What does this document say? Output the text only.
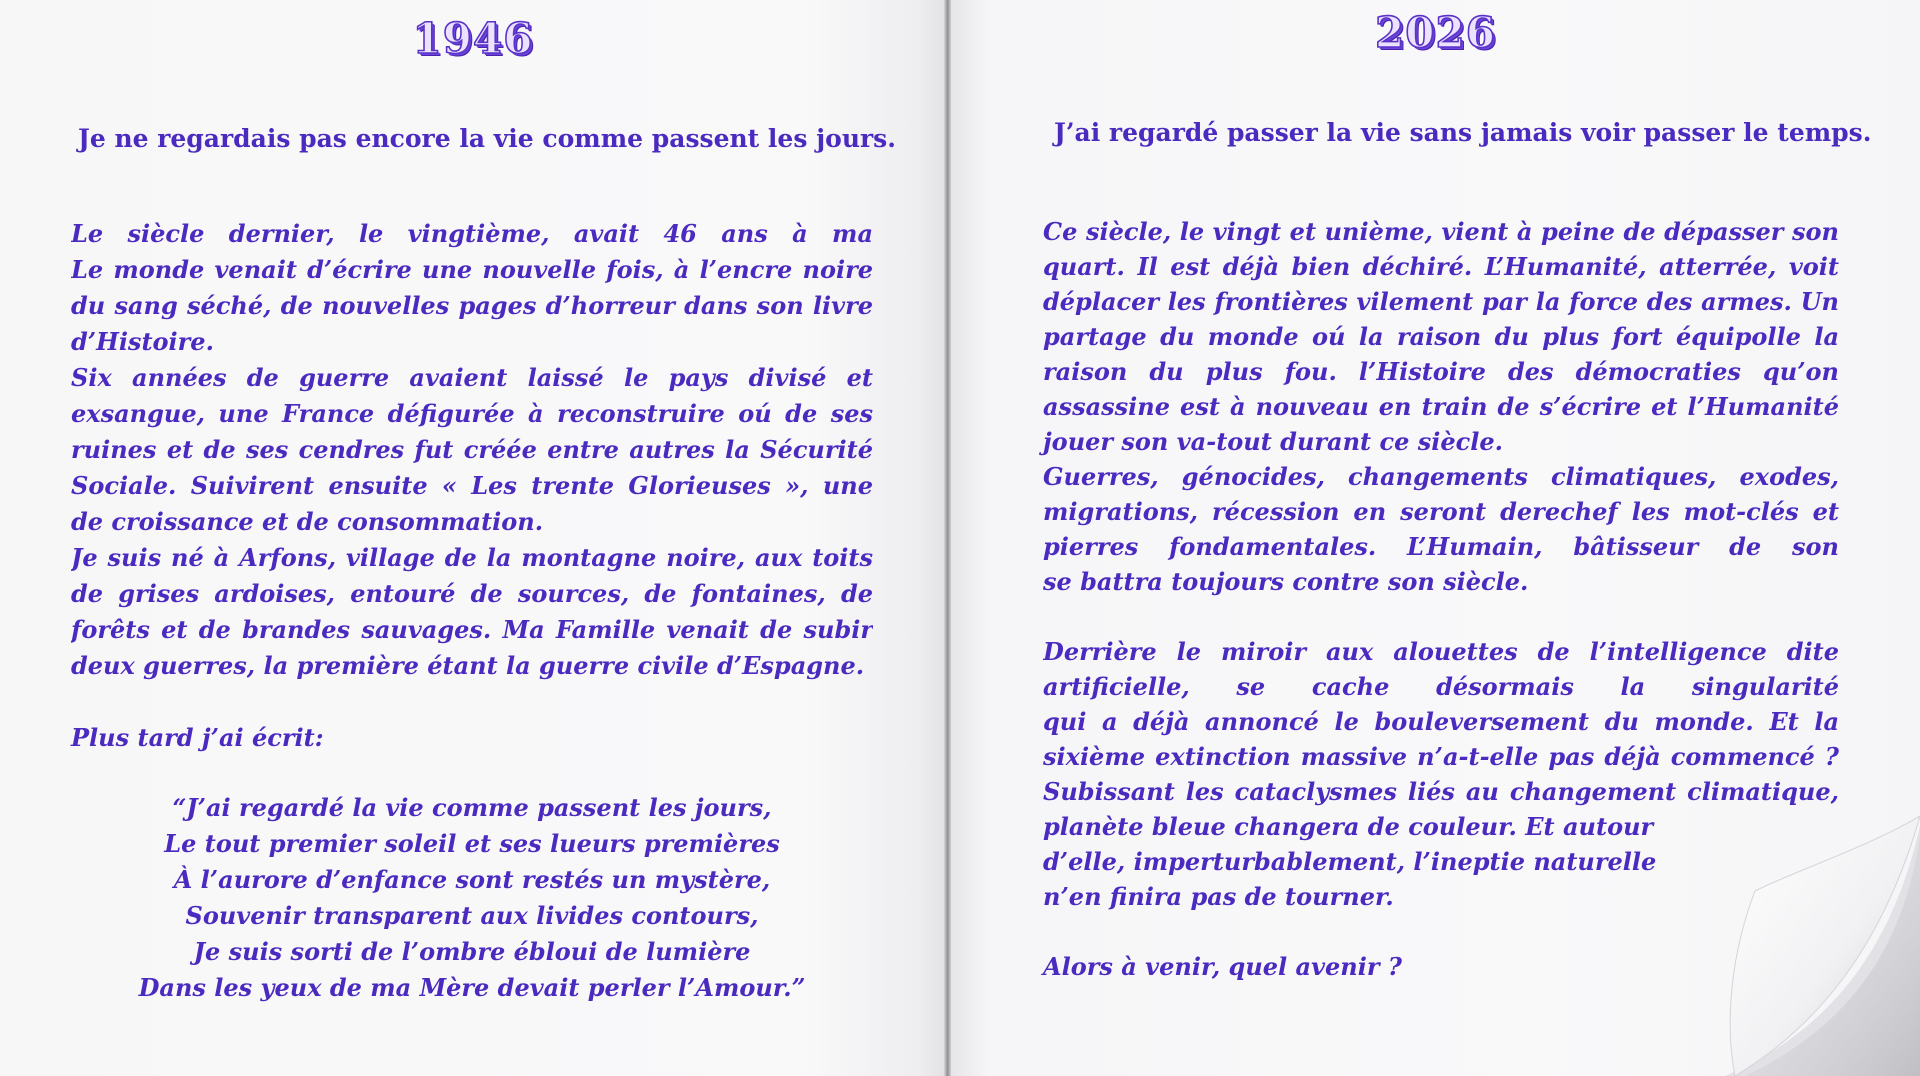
1946

Je ne regardais pas encore la vie comme passent les jours.

Le siècle dernier, le vingtième, avait 46 ans à ma

Le monde venait d’écrire une nouvelle fois, à l’encre noire

du sang séché, de nouvelles pages d’horreur dans son livre

d’Histoire.

Six années de guerre avaient laissé le pays divisé et

exsangue, une France défigurée à reconstruire oú de ses

ruines et de ses cendres fut créée entre autres la Sécurité

Sociale. Suivirent ensuite « Les trente Glorieuses », une

de croissance et de consommation.

Je suis né à Arfons, village de la montagne noire, aux toits

de grises ardoises, entouré de sources, de fontaines, de

forêts et de brandes sauvages. Ma Famille venait de subir

deux guerres, la première étant la guerre civile d’Espagne.

Plus tard j’ai écrit:

“J’ai regardé la vie comme passent les jours,

Le tout premier soleil et ses lueurs premières

À l’aurore d’enfance sont restés un mystère,

Souvenir transparent aux livides contours,

Je suis sorti de l’ombre ébloui de lumière

Dans les yeux de ma Mère devait perler l’Amour.”

2026

J’ai regardé passer la vie sans jamais voir passer le temps.

Ce siècle, le vingt et unième, vient à peine de dépasser son

quart. Il est déjà bien déchiré. L’Humanité, atterrée, voit

déplacer les frontières vilement par la force des armes. Un

partage du monde oú la raison du plus fort équipolle la

raison du plus fou. l’Histoire des démocraties qu’on

assassine est à nouveau en train de s’écrire et l’Humanité

jouer son va-tout durant ce siècle.

Guerres, génocides, changements climatiques, exodes,

migrations, récession en seront derechef les mot-clés et

pierres fondamentales. L’Humain, bâtisseur de son

se battra toujours contre son siècle.

Derrière le miroir aux alouettes de l’intelligence dite

artificielle, se cache désormais la singularité

qui a déjà annoncé le bouleversement du monde. Et la

sixième extinction massive n’a-t-elle pas déjà commencé ?

Subissant les cataclysmes liés au changement climatique,

planète bleue changera de couleur. Et autour

d’elle, imperturbablement, l’ineptie naturelle

n’en finira pas de tourner.

Alors à venir, quel avenir ?
